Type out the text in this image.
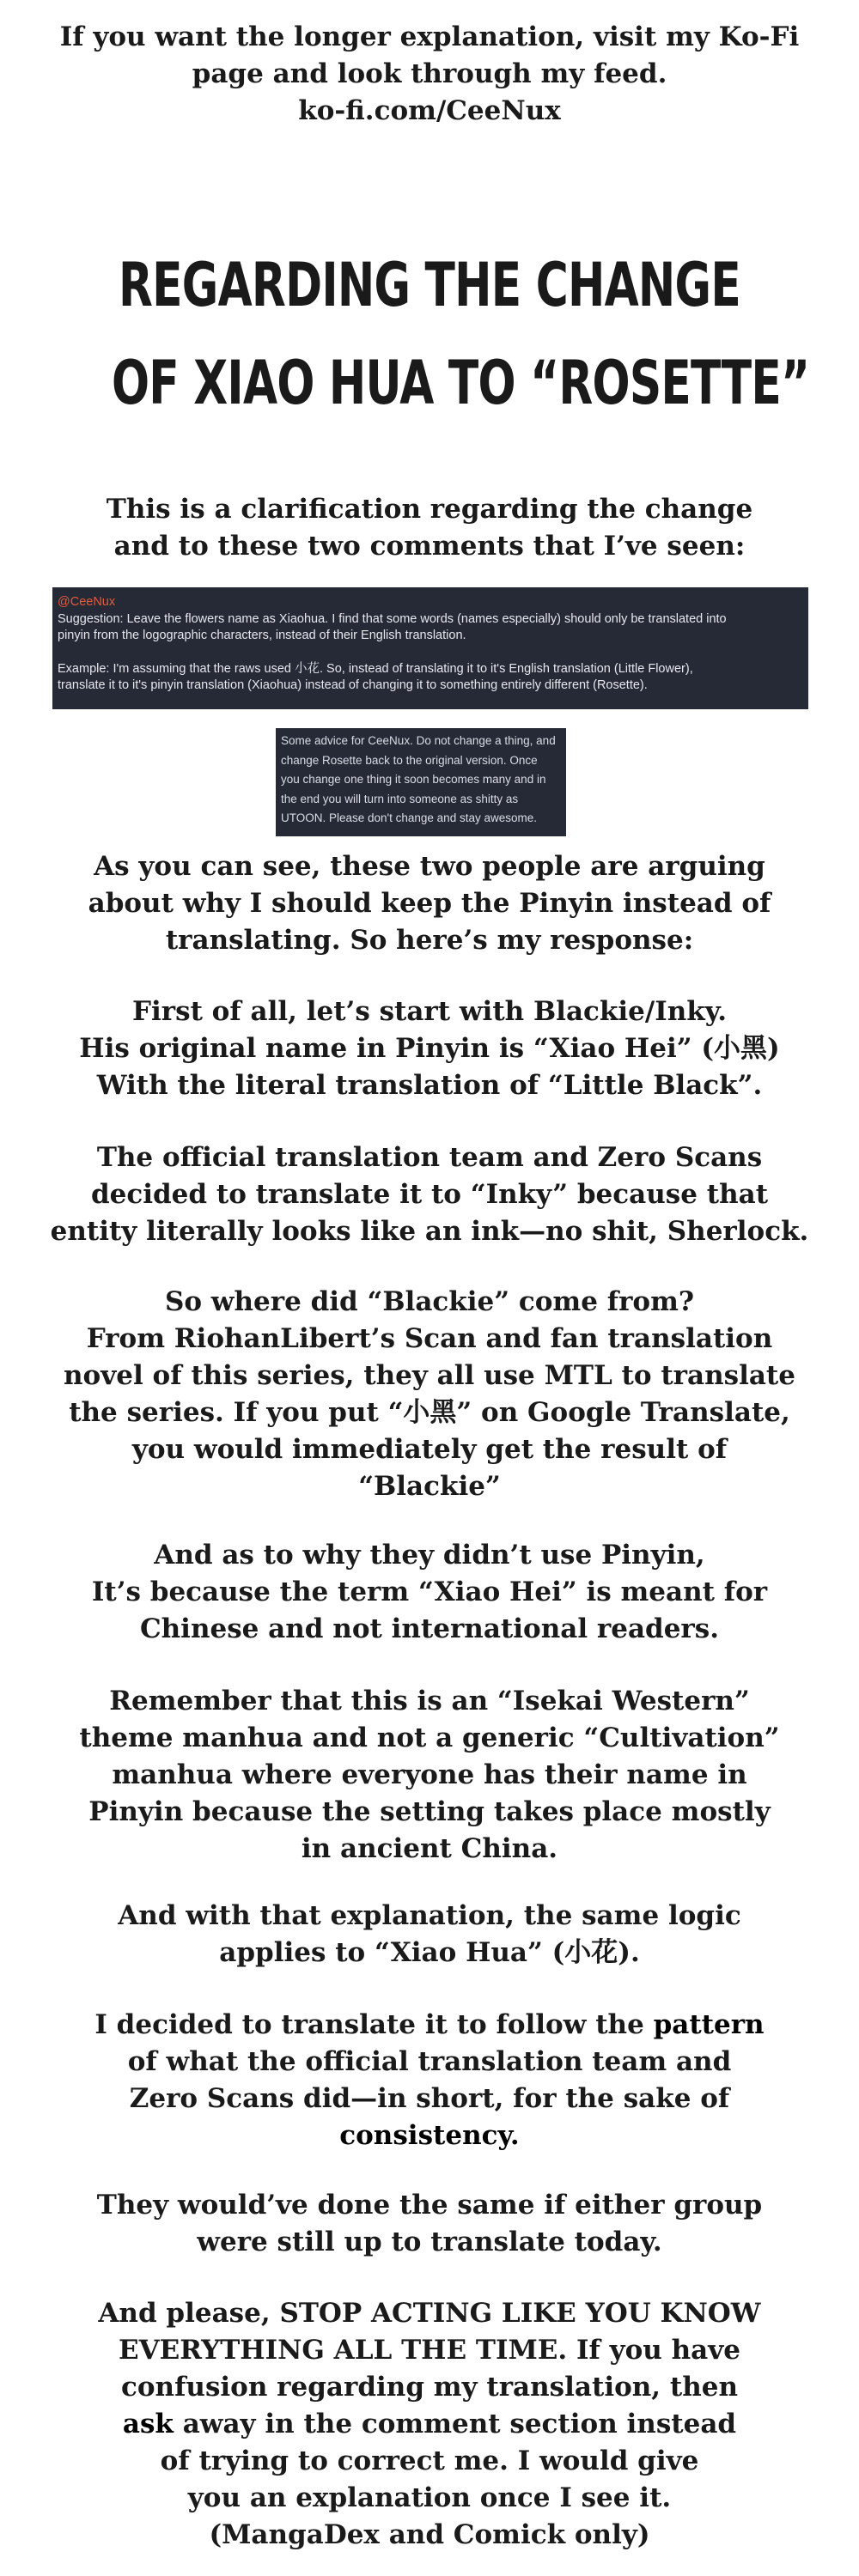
If you want the longer explanation, visit my Ko-Fi
page and look through my feed.
ko-fi.com/CeeNux
REGARDING THE CHANGE
OF XIAO HUA TO “ROSETTE”
This is a clarification regarding the change
and to these two comments that I’ve seen:
@CeeNux
Suggestion: Leave the flowers name as Xiaohua. I find that some words (names especially) should only be translated into
pinyin from the logographic characters, instead of their English translation.
Example: I'm assuming that the raws used 小花. So, instead of translating it to it's English translation (Little Flower),
translate it to it's pinyin translation (Xiaohua) instead of changing it to something entirely different (Rosette).
Some advice for CeeNux. Do not change a thing, and
change Rosette back to the original version. Once
you change one thing it soon becomes many and in
the end you will turn into someone as shitty as
UTOON. Please don't change and stay awesome.
As you can see, these two people are arguing
about why I should keep the Pinyin instead of
translating. So here’s my response:
First of all, let’s start with Blackie/Inky.
His original name in Pinyin is “Xiao Hei” (小黑)
With the literal translation of “Little Black”.
The official translation team and Zero Scans
decided to translate it to “Inky” because that
entity literally looks like an ink—no shit, Sherlock.
So where did “Blackie” come from?
From RiohanLibert’s Scan and fan translation
novel of this series, they all use MTL to translate
the series. If you put “小黑” on Google Translate,
you would immediately get the result of
“Blackie”
And as to why they didn’t use Pinyin,
It’s because the term “Xiao Hei” is meant for
Chinese and not international readers.
Remember that this is an “Isekai Western”
theme manhua and not a generic “Cultivation”
manhua where everyone has their name in
Pinyin because the setting takes place mostly
in ancient China.
And with that explanation, the same logic
applies to “Xiao Hua” (小花).
I decided to translate it to follow the pattern
of what the official translation team and
Zero Scans did—in short, for the sake of
consistency.
They would’ve done the same if either group
were still up to translate today.
And please, STOP ACTING LIKE YOU KNOW
EVERYTHING ALL THE TIME. If you have
confusion regarding my translation, then
ask away in the comment section instead
of trying to correct me. I would give
you an explanation once I see it.
(MangaDex and Comick only)
